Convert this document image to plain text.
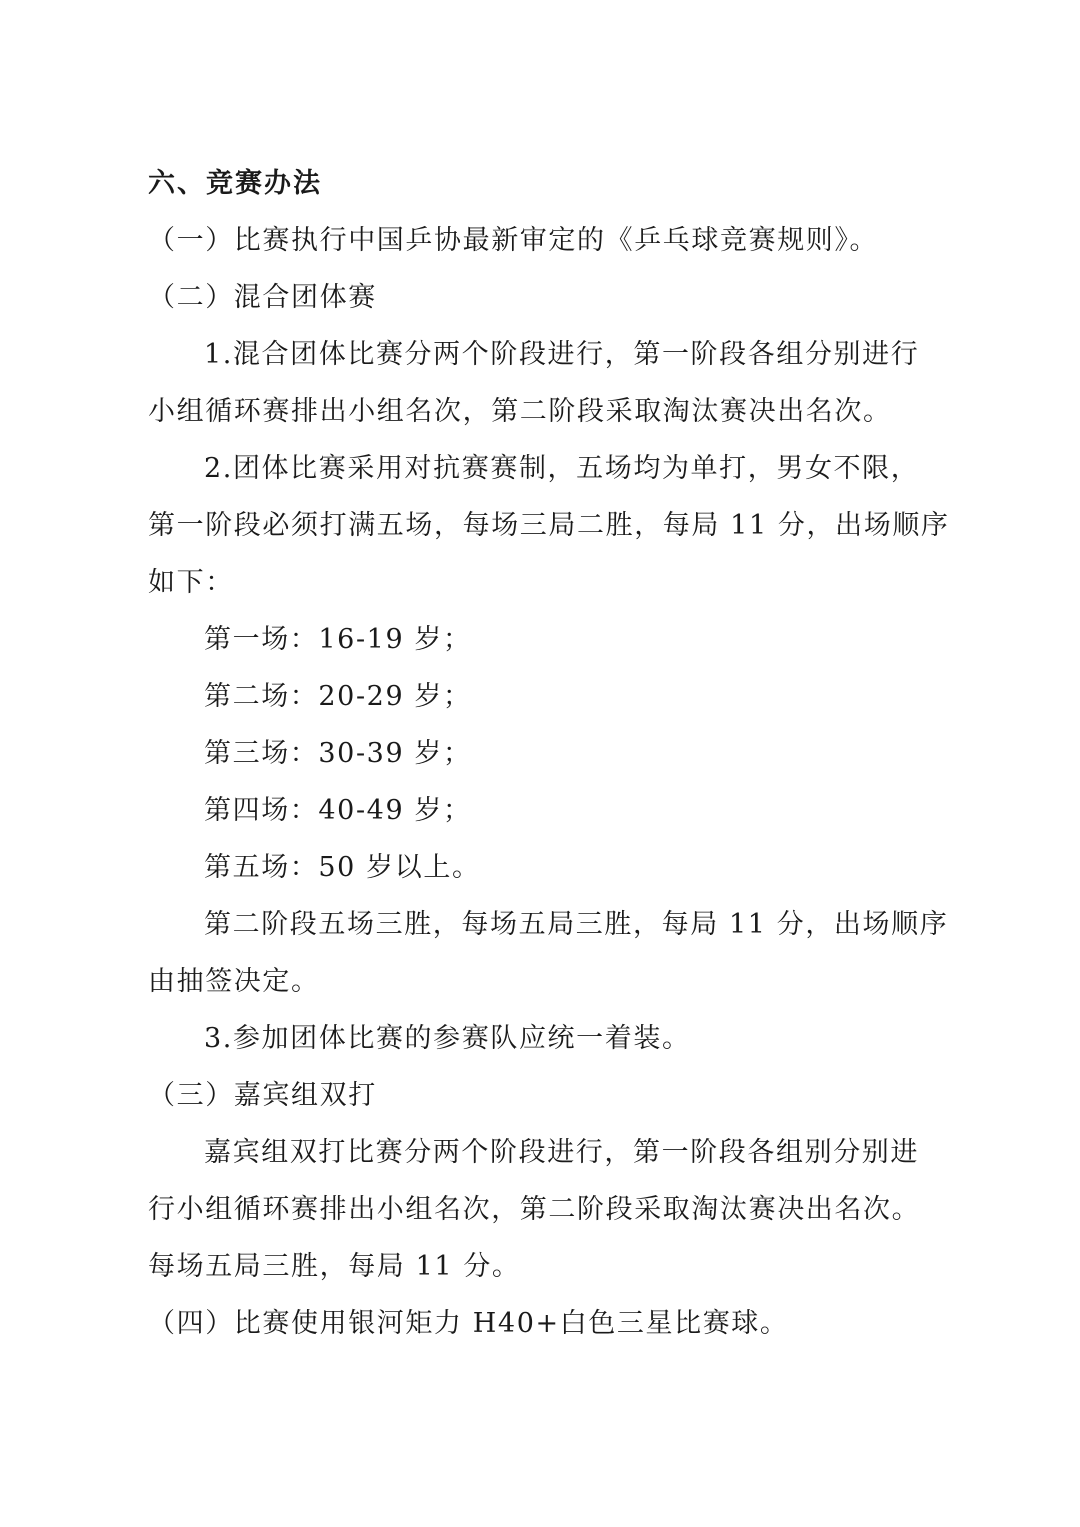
六、竞赛办法
（一）比赛执行中国乒协最新审定的《乒乓球竞赛规则》。
（二）混合团体赛
1.混合团体比赛分两个阶段进行，第一阶段各组分别进行
小组循环赛排出小组名次，第二阶段采取淘汰赛决出名次。
2.团体比赛采用对抗赛赛制，五场均为单打，男女不限，
第一阶段必须打满五场，每场三局二胜，每局 11 分，出场顺序
如下：
第一场：16-19 岁；
第二场：20-29 岁；
第三场：30-39 岁；
第四场：40-49 岁；
第五场：50 岁以上。
第二阶段五场三胜，每场五局三胜，每局 11 分，出场顺序
由抽签决定。
3.参加团体比赛的参赛队应统一着装。
（三）嘉宾组双打
嘉宾组双打比赛分两个阶段进行，第一阶段各组别分别进
行小组循环赛排出小组名次，第二阶段采取淘汰赛决出名次。
每场五局三胜，每局 11 分。
（四）比赛使用银河矩力 H40+白色三星比赛球。
